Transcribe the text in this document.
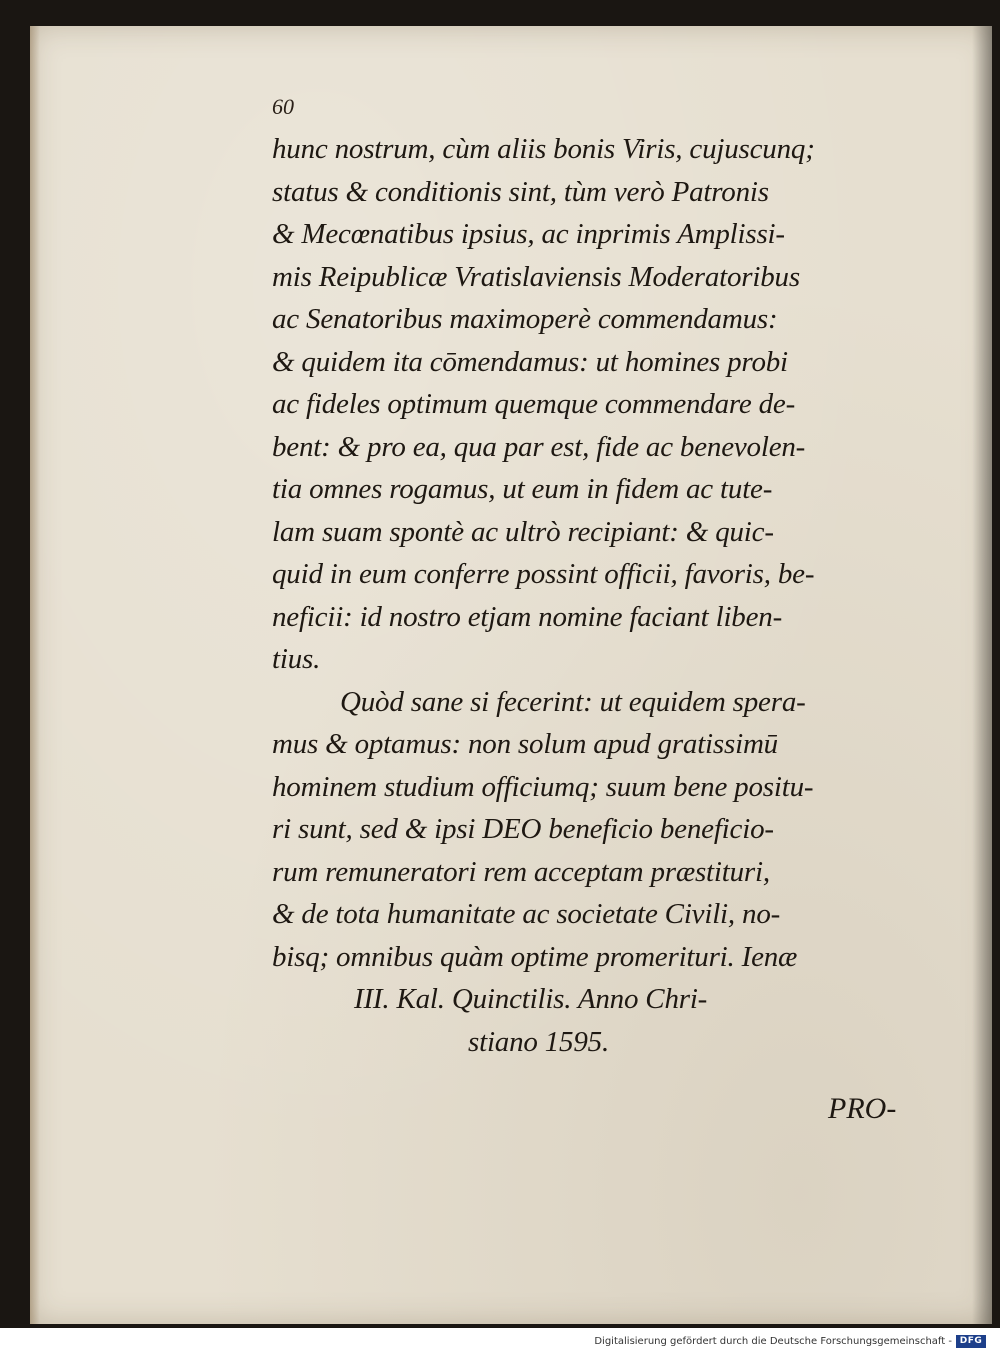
60
hunc nostrum, cùm aliis bonis Viris, cujuscunq;
status & conditionis sint, tùm verò Patronis
& Mecœnatibus ipsius, ac inprimis Amplissi-
mis Reipublicæ Vratislaviensis Moderatoribus
ac Senatoribus maximoperè commendamus:
& quidem ita cōmendamus: ut homines probi
ac fideles optimum quemque commendare de-
bent: & pro ea, qua par est, fide ac benevolen-
tia omnes rogamus, ut eum in fidem ac tute-
lam suam spontè ac ultrò recipiant: & quic-
quid in eum conferre possint officii, favoris, be-
neficii: id nostro etjam nomine faciant liben-
tius.
Quòd sane si fecerint: ut equidem spera-
mus & optamus: non solum apud gratissimū
hominem studium officiumq; suum bene positu-
ri sunt, sed & ipsi DEO beneficio beneficio-
rum remuneratori rem acceptam præstituri,
& de tota humanitate ac societate Civili, no-
bisq; omnibus quàm optime promerituri. Ienæ
III. Kal. Quinctilis. Anno Chri-
stiano 1595.
PRO-
Digitalisierung gefördert durch die Deutsche Forschungsgemeinschaft - DFG
